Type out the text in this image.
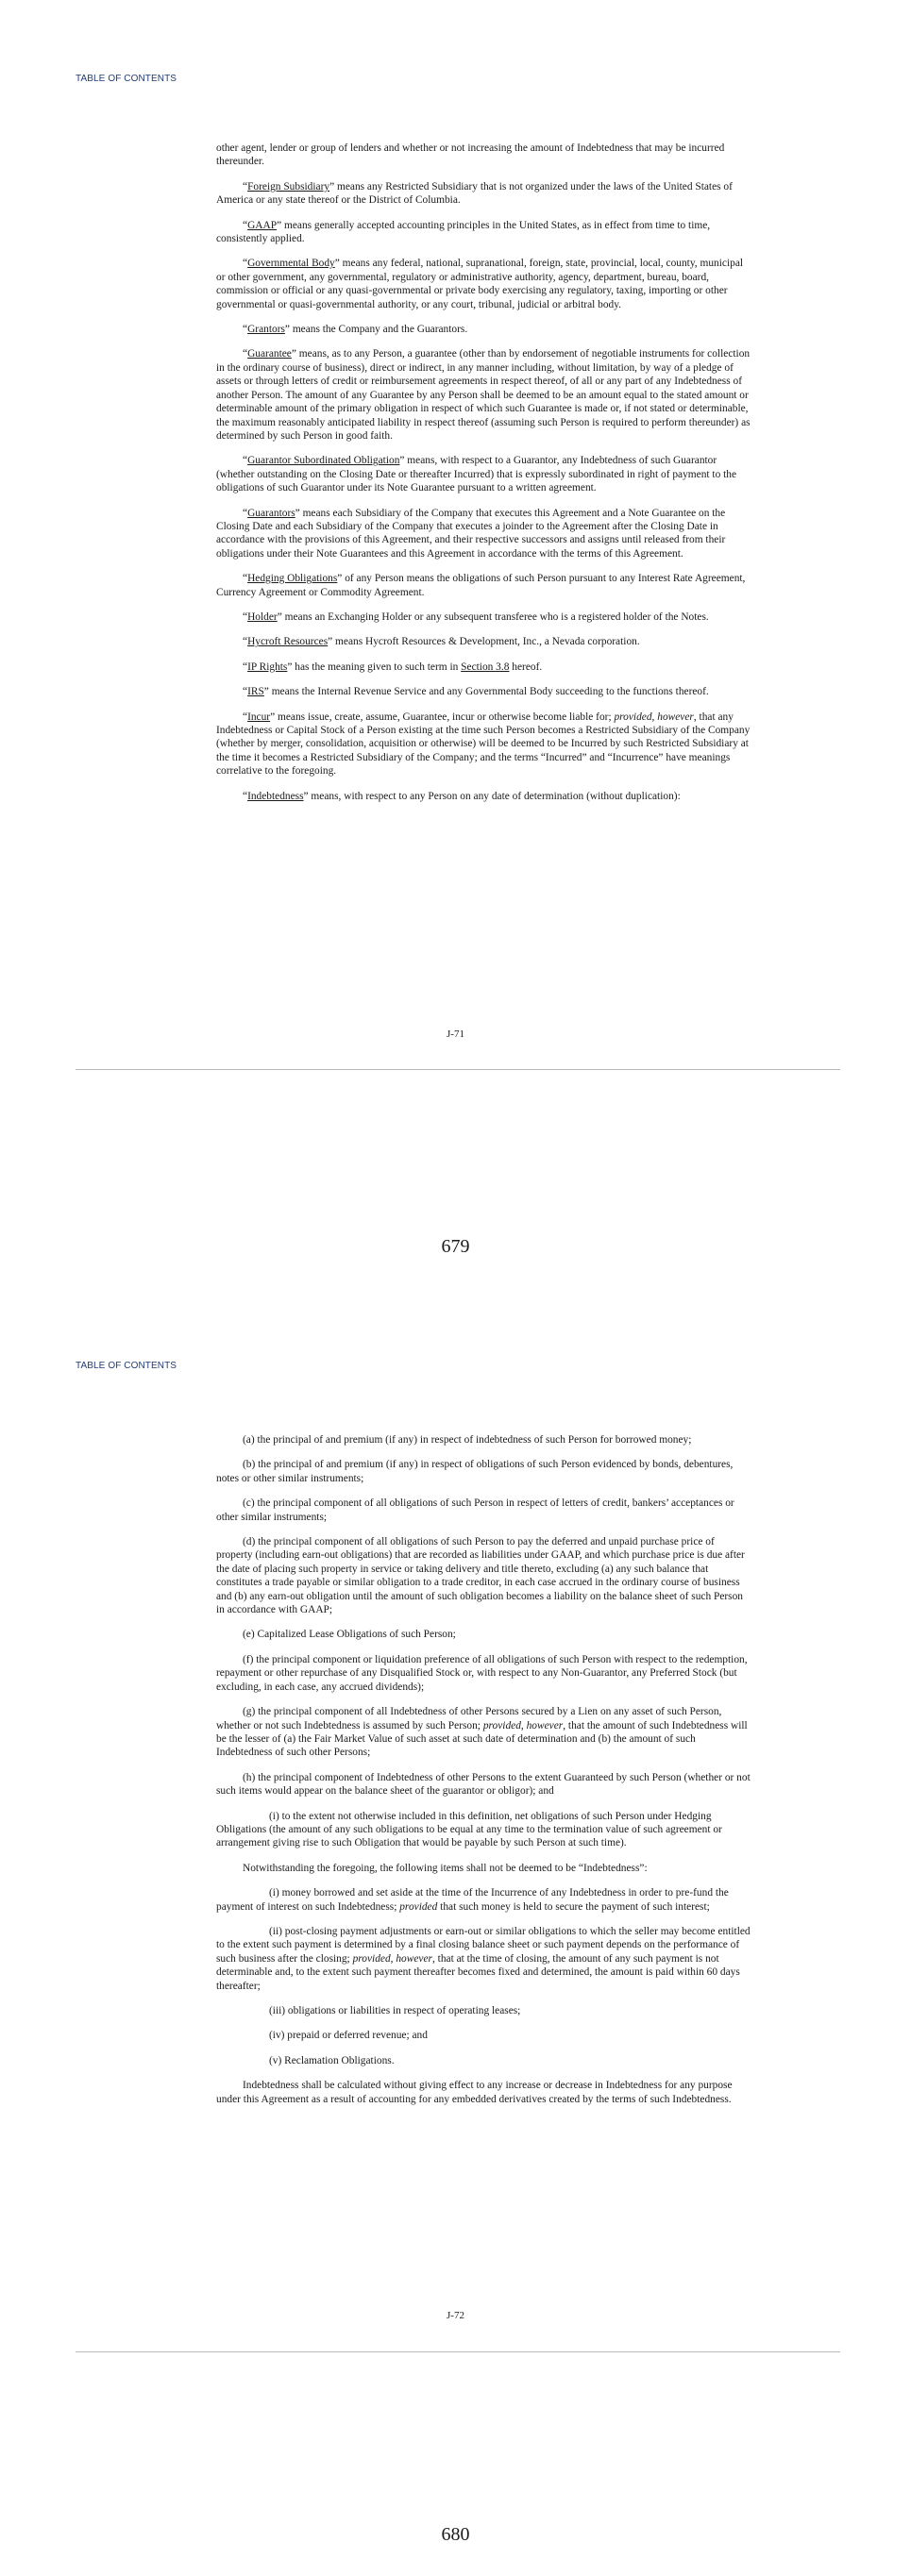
TABLE OF CONTENTS

other agent, lender or group of lenders and whether or not increasing the amount of Indebtedness that may be incurred thereunder.

“Foreign Subsidiary” means any Restricted Subsidiary that is not organized under the laws of the United States of America or any state thereof or the District of Columbia.

“GAAP” means generally accepted accounting principles in the United States, as in effect from time to time, consistently applied.

“Governmental Body” means any federal, national, supranational, foreign, state, provincial, local, county, municipal or other government, any governmental, regulatory or administrative authority, agency, department, bureau, board, commission or official or any quasi-governmental or private body exercising any regulatory, taxing, importing or other governmental or quasi-governmental authority, or any court, tribunal, judicial or arbitral body.

“Grantors” means the Company and the Guarantors.

“Guarantee” means, as to any Person, a guarantee (other than by endorsement of negotiable instruments for collection in the ordinary course of business), direct or indirect, in any manner including, without limitation, by way of a pledge of assets or through letters of credit or reimbursement agreements in respect thereof, of all or any part of any Indebtedness of another Person. The amount of any Guarantee by any Person shall be deemed to be an amount equal to the stated amount or determinable amount of the primary obligation in respect of which such Guarantee is made or, if not stated or determinable, the maximum reasonably anticipated liability in respect thereof (assuming such Person is required to perform thereunder) as determined by such Person in good faith.

“Guarantor Subordinated Obligation” means, with respect to a Guarantor, any Indebtedness of such Guarantor (whether outstanding on the Closing Date or thereafter Incurred) that is expressly subordinated in right of payment to the obligations of such Guarantor under its Note Guarantee pursuant to a written agreement.

“Guarantors” means each Subsidiary of the Company that executes this Agreement and a Note Guarantee on the Closing Date and each Subsidiary of the Company that executes a joinder to the Agreement after the Closing Date in accordance with the provisions of this Agreement, and their respective successors and assigns until released from their obligations under their Note Guarantees and this Agreement in accordance with the terms of this Agreement.

“Hedging Obligations” of any Person means the obligations of such Person pursuant to any Interest Rate Agreement, Currency Agreement or Commodity Agreement.

“Holder” means an Exchanging Holder or any subsequent transferee who is a registered holder of the Notes.

“Hycroft Resources” means Hycroft Resources & Development, Inc., a Nevada corporation.

“IP Rights” has the meaning given to such term in Section 3.8 hereof.

“IRS” means the Internal Revenue Service and any Governmental Body succeeding to the functions thereof.

“Incur” means issue, create, assume, Guarantee, incur or otherwise become liable for; provided, however, that any Indebtedness or Capital Stock of a Person existing at the time such Person becomes a Restricted Subsidiary of the Company (whether by merger, consolidation, acquisition or otherwise) will be deemed to be Incurred by such Restricted Subsidiary at the time it becomes a Restricted Subsidiary of the Company; and the terms “Incurred” and “Incurrence” have meanings correlative to the foregoing.

“Indebtedness” means, with respect to any Person on any date of determination (without duplication):

J-71
679
TABLE OF CONTENTS

(a) the principal of and premium (if any) in respect of indebtedness of such Person for borrowed money;

(b) the principal of and premium (if any) in respect of obligations of such Person evidenced by bonds, debentures, notes or other similar instruments;

(c) the principal component of all obligations of such Person in respect of letters of credit, bankers’ acceptances or other similar instruments;

(d) the principal component of all obligations of such Person to pay the deferred and unpaid purchase price of property (including earn-out obligations) that are recorded as liabilities under GAAP, and which purchase price is due after the date of placing such property in service or taking delivery and title thereto, excluding (a) any such balance that constitutes a trade payable or similar obligation to a trade creditor, in each case accrued in the ordinary course of business and (b) any earn-out obligation until the amount of such obligation becomes a liability on the balance sheet of such Person in accordance with GAAP;

(e) Capitalized Lease Obligations of such Person;

(f) the principal component or liquidation preference of all obligations of such Person with respect to the redemption, repayment or other repurchase of any Disqualified Stock or, with respect to any Non-Guarantor, any Preferred Stock (but excluding, in each case, any accrued dividends);

(g) the principal component of all Indebtedness of other Persons secured by a Lien on any asset of such Person, whether or not such Indebtedness is assumed by such Person; provided, however, that the amount of such Indebtedness will be the lesser of (a) the Fair Market Value of such asset at such date of determination and (b) the amount of such Indebtedness of such other Persons;

(h) the principal component of Indebtedness of other Persons to the extent Guaranteed by such Person (whether or not such items would appear on the balance sheet of the guarantor or obligor); and

(i) to the extent not otherwise included in this definition, net obligations of such Person under Hedging Obligations (the amount of any such obligations to be equal at any time to the termination value of such agreement or arrangement giving rise to such Obligation that would be payable by such Person at such time).

Notwithstanding the foregoing, the following items shall not be deemed to be “Indebtedness”:

(i) money borrowed and set aside at the time of the Incurrence of any Indebtedness in order to pre-fund the payment of interest on such Indebtedness; provided that such money is held to secure the payment of such interest;

(ii) post-closing payment adjustments or earn-out or similar obligations to which the seller may become entitled to the extent such payment is determined by a final closing balance sheet or such payment depends on the performance of such business after the closing; provided, however, that at the time of closing, the amount of any such payment is not determinable and, to the extent such payment thereafter becomes fixed and determined, the amount is paid within 60 days thereafter;

(iii) obligations or liabilities in respect of operating leases;

(iv) prepaid or deferred revenue; and

(v) Reclamation Obligations.

Indebtedness shall be calculated without giving effect to any increase or decrease in Indebtedness for any purpose under this Agreement as a result of accounting for any embedded derivatives created by the terms of such Indebtedness.

J-72
680
